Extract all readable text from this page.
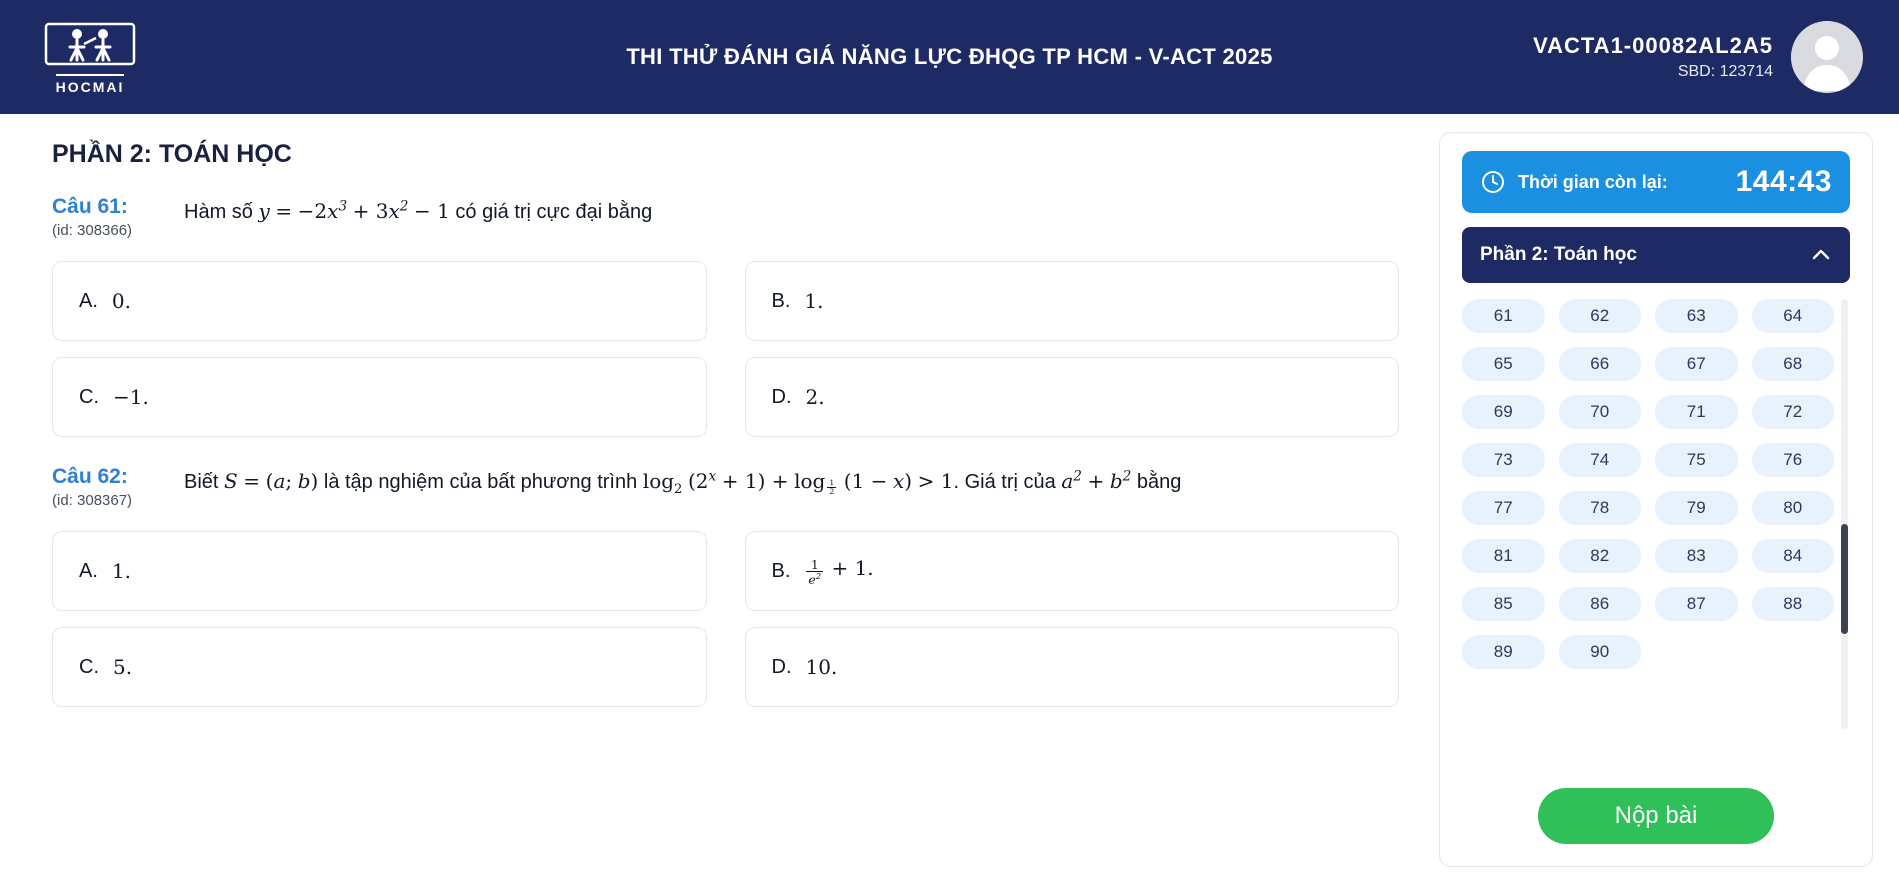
HOCMAI
THI THỬ ĐÁNH GIÁ NĂNG LỰC ĐHQG TP HCM - V-ACT 2025	VACTA1-00082AL2A5
SBD: 123714
PHẦN 2: TOÁN HỌC
Câu 61:
(id: 308366)
Hàm số $y = -2x^3 + 3x^2 - 1$ có giá trị cực đại bằng
A. 0.	B. 1.
C. −1.	D. 2.
Câu 62:
(id: 308367)
Biết S = (a; b) là tập nghiệm của bất phương trình $\log_2 (2^x + 1) + \log \frac{1}{2} (1 - x) > 1$. Giá trị của $a^2 + b^2$ bằng
A. 1.	B. $\frac{1}{e^2} + 1$.
C. 5.	D. 10.
Thời gian còn lại: 144:43
Phần 2: Toán học
61	62	63	64
65	66	67	68
69	70	71	72
73	74	75	76
77	78	79	80
81	82	83	84
85	86	87	88
89	90
Nộp bài
